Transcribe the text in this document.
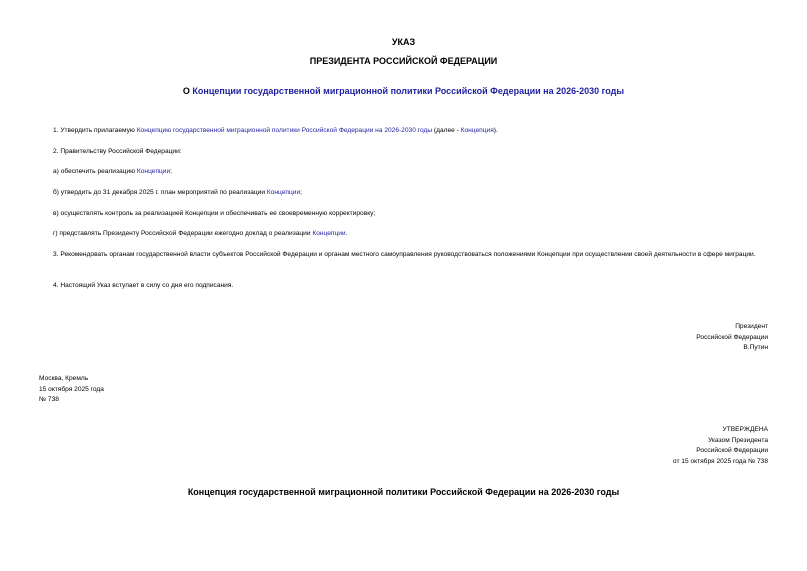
УКАЗ
ПРЕЗИДЕНТА РОССИЙСКОЙ ФЕДЕРАЦИИ
О Концепции государственной миграционной политики Российской Федерации на 2026-2030 годы
1. Утвердить прилагаемую Концепцию государственной миграционной политики Российской Федерации на 2026-2030 годы (далее - Концепция).
2. Правительству Российской Федерации:
а) обеспечить реализацию Концепции;
б) утвердить до 31 декабря 2025 г. план мероприятий по реализации Концепции;
в) осуществлять контроль за реализацией Концепции и обеспечивать ее своевременную корректировку;
г) представлять Президенту Российской Федерации ежегодно доклад о реализации Концепции.
3. Рекомендовать органам государственной власти субъектов Российской Федерации и органам местного самоуправления руководствоваться положениями Концепции при осуществлении своей деятельности в сфере миграции.
4. Настоящий Указ вступает в силу со дня его подписания.
Президент
Российской Федерации
В.Путин
Москва, Кремль
15 октября 2025 года
№ 738
УТВЕРЖДЕНА
Указом Президента
Российской Федерации
от 15 октября 2025 года № 738
Концепция государственной миграционной политики Российской Федерации на 2026-2030 годы
